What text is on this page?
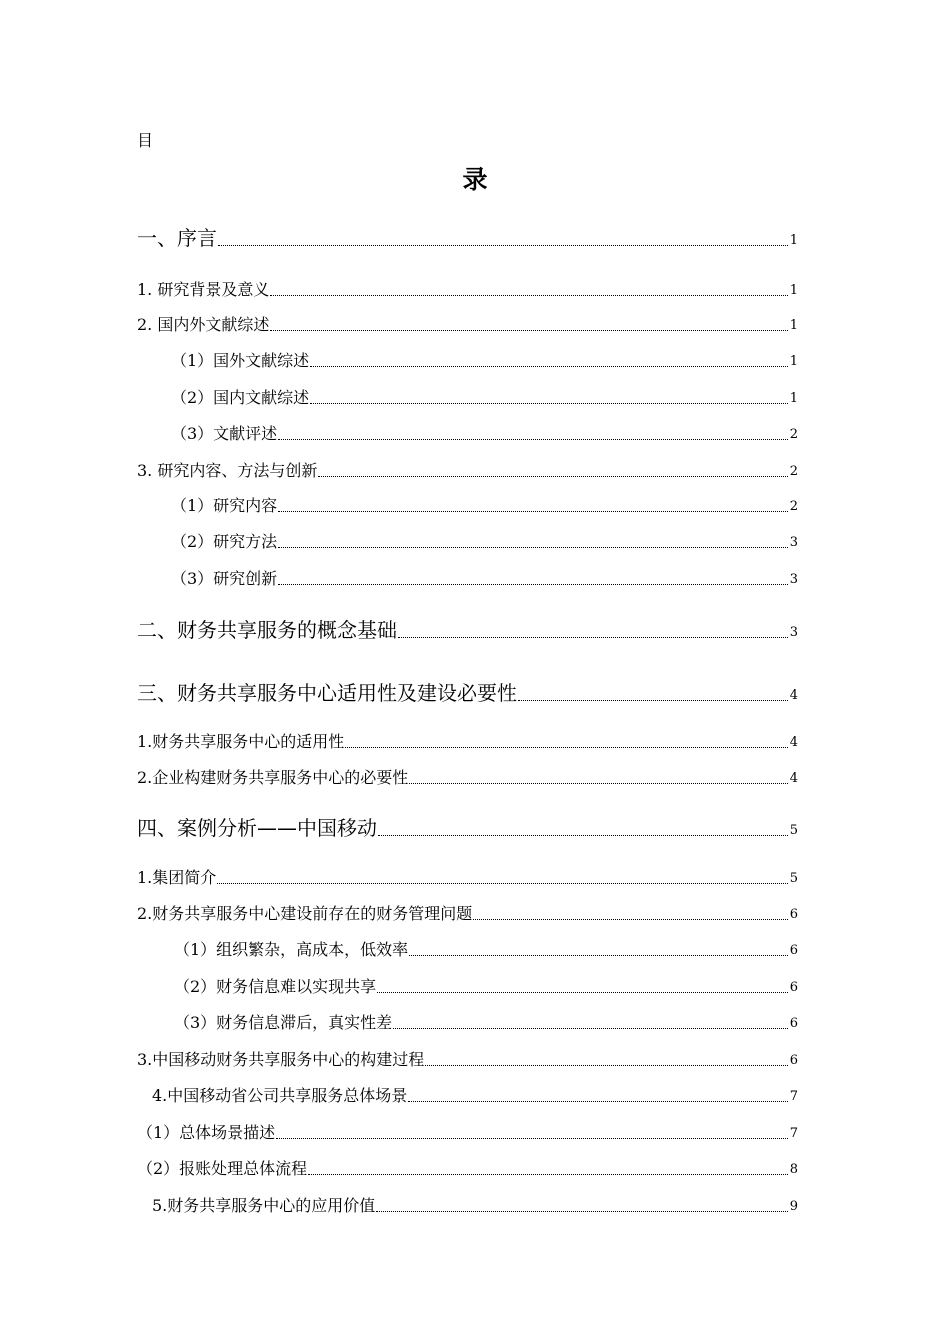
目
录
一、序言	1
1. 研究背景及意义	1
2. 国内外文献综述	1
（1）国外文献综述	1
（2）国内文献综述	1
（3）文献评述	2
3. 研究内容、方法与创新	2
（1）研究内容	2
（2）研究方法	3
（3）研究创新	3
二、财务共享服务的概念基础	3
三、财务共享服务中心适用性及建设必要性	4
1.财务共享服务中心的适用性	4
2.企业构建财务共享服务中心的必要性	4
四、案例分析——中国移动	5
1.集团简介	5
2.财务共享服务中心建设前存在的财务管理问题	6
（1）组织繁杂，高成本，低效率	6
（2）财务信息难以实现共享	6
（3）财务信息滞后，真实性差	6
3.中国移动财务共享服务中心的构建过程	6
4.中国移动省公司共享服务总体场景	7
（1）总体场景描述	7
（2）报账处理总体流程	8
5.财务共享服务中心的应用价值	9
